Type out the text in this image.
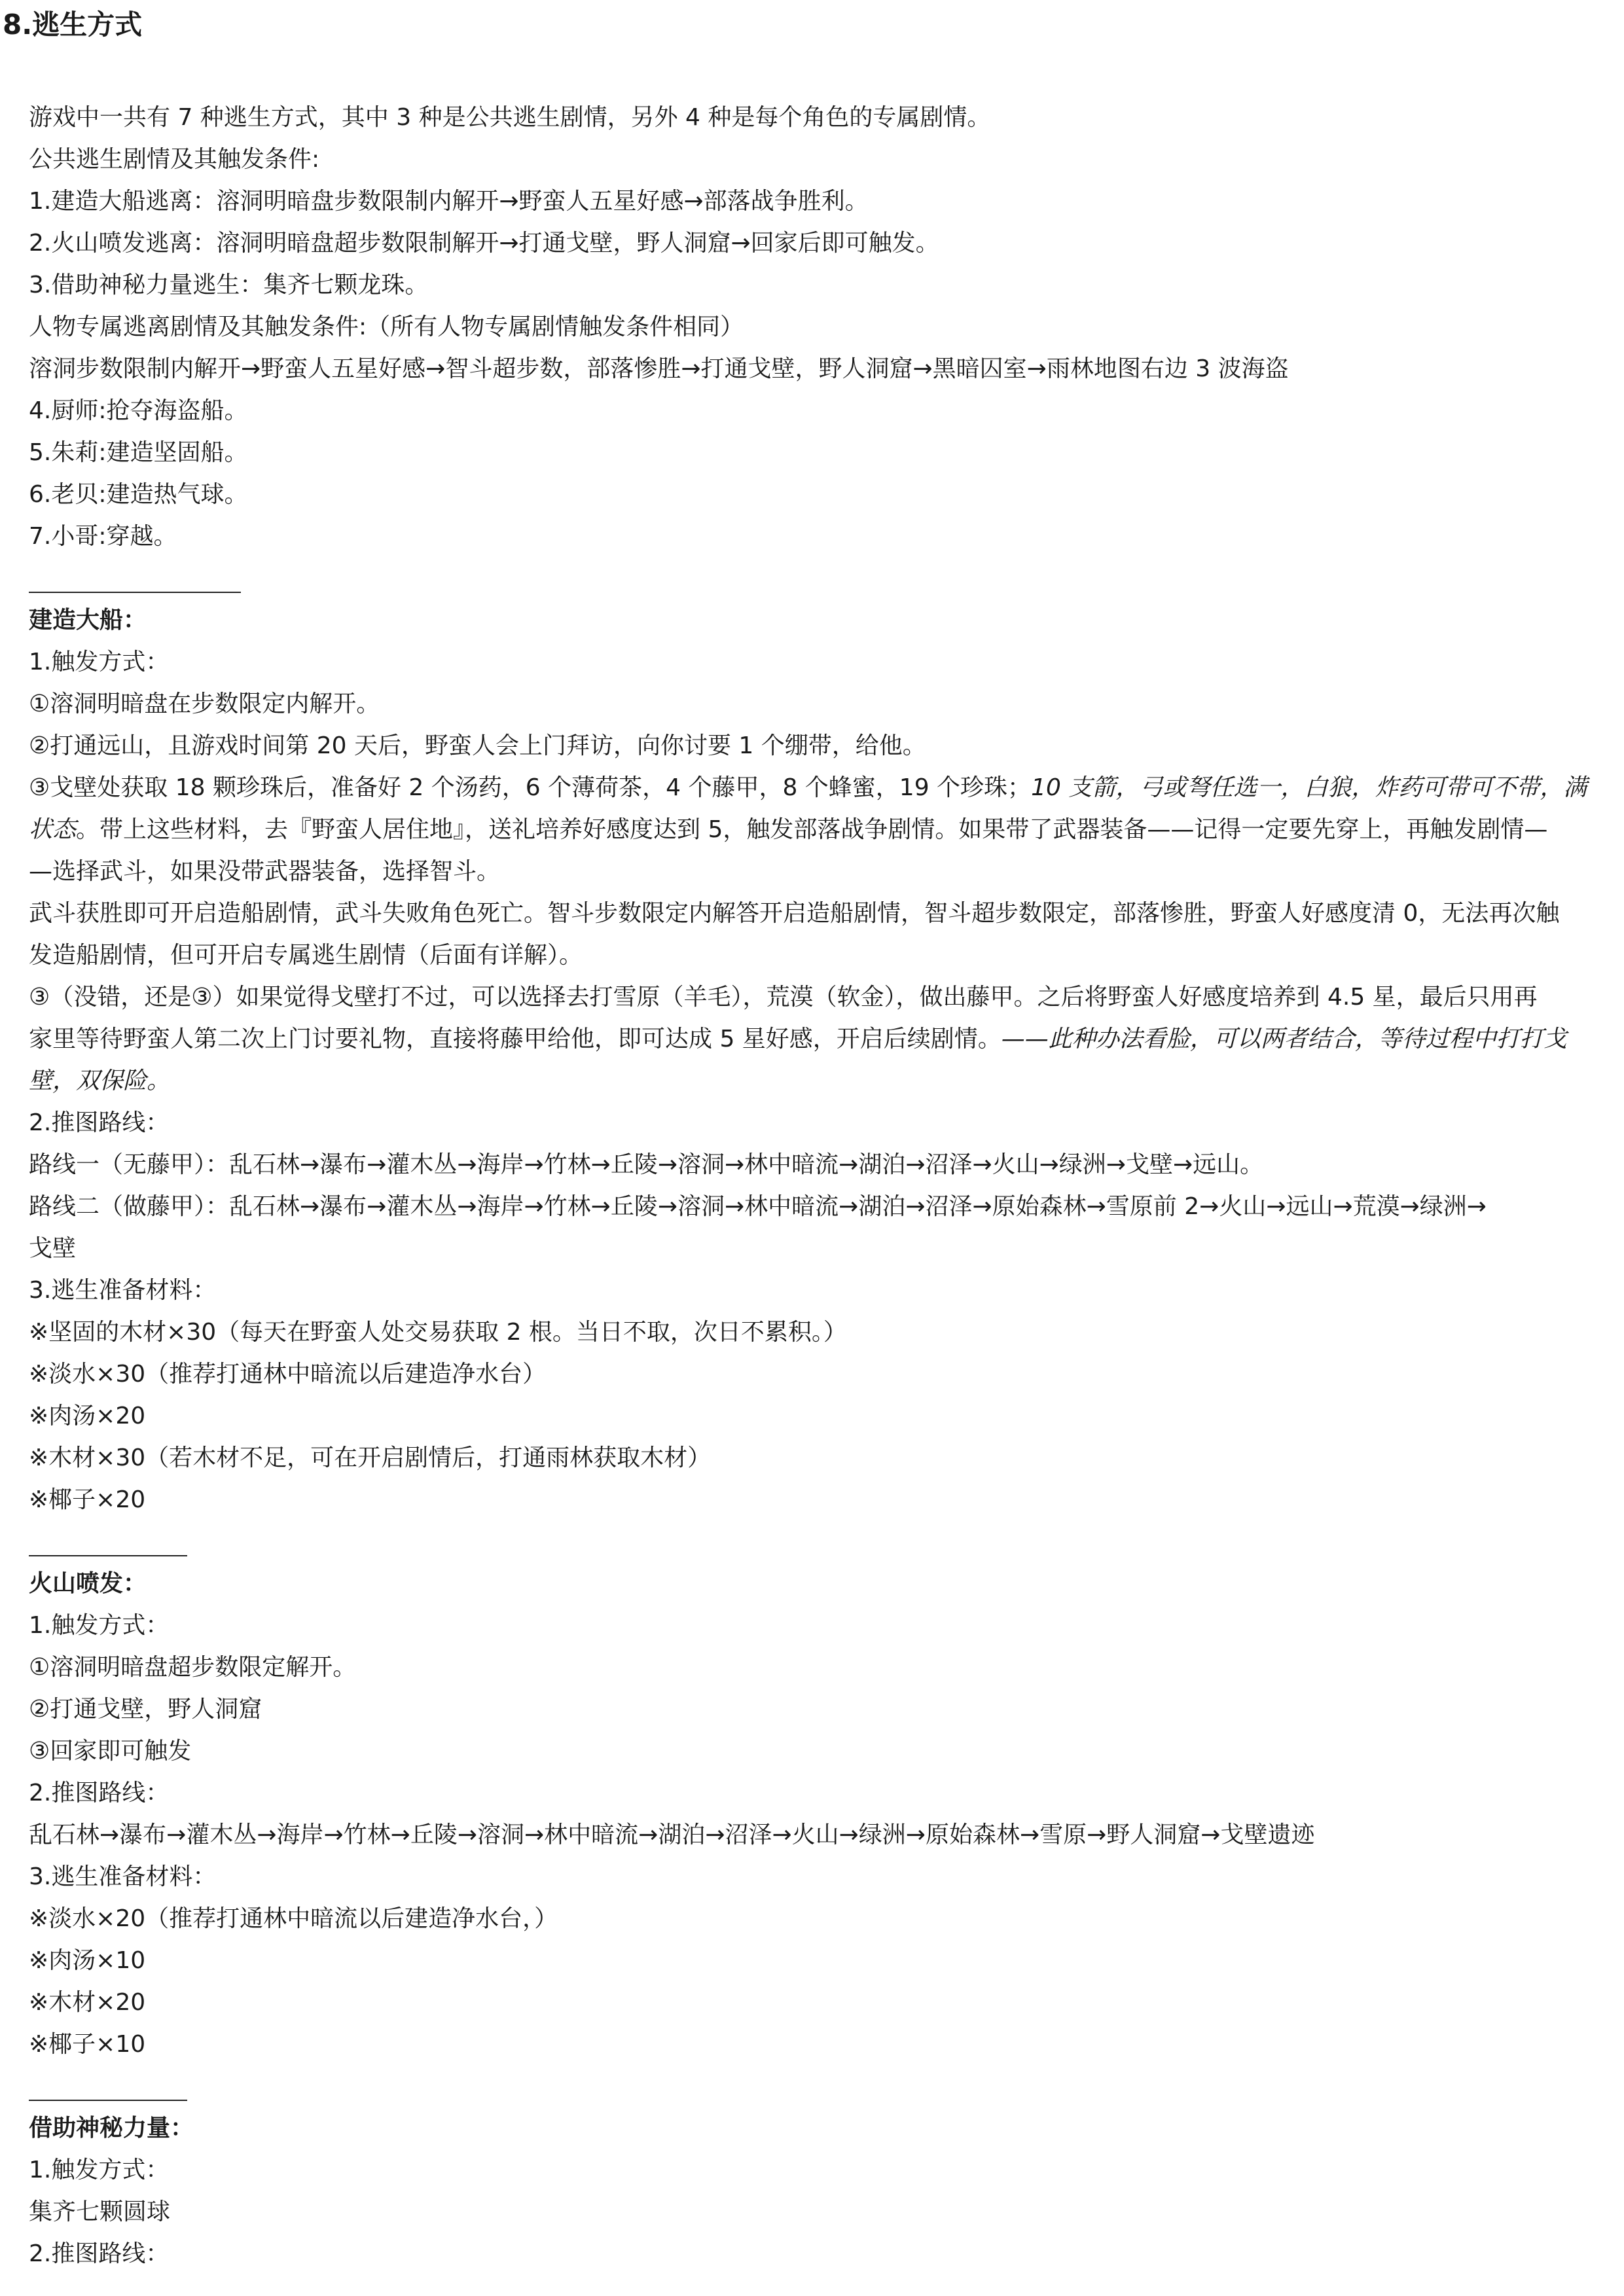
8.逃生方式
游戏中一共有 7 种逃生方式，其中 3 种是公共逃生剧情，另外 4 种是每个角色的专属剧情。
公共逃生剧情及其触发条件:
1.建造大船逃离：溶洞明暗盘步数限制内解开→野蛮人五星好感→部落战争胜利。
2.火山喷发逃离：溶洞明暗盘超步数限制解开→打通戈壁，野人洞窟→回家后即可触发。
3.借助神秘力量逃生：集齐七颗龙珠。
人物专属逃离剧情及其触发条件:（所有人物专属剧情触发条件相同）
溶洞步数限制内解开→野蛮人五星好感→智斗超步数，部落惨胜→打通戈壁，野人洞窟→黑暗囚室→雨林地图右边 3 波海盗
4.厨师:抢夺海盗船。
5.朱莉:建造坚固船。
6.老贝:建造热气球。
7.小哥:穿越。
建造大船：
1.触发方式：
①溶洞明暗盘在步数限定内解开。
②打通远山，且游戏时间第 20 天后，野蛮人会上门拜访，向你讨要 1 个绷带，给他。
③戈壁处获取 18 颗珍珠后，准备好 2 个汤药，6 个薄荷茶，4 个藤甲，8 个蜂蜜，19 个珍珠；10 支箭，弓或弩任选一，白狼，炸药可带可不带，满
状态。带上这些材料，去『野蛮人居住地』，送礼培养好感度达到 5，触发部落战争剧情。如果带了武器装备——记得一定要先穿上，再触发剧情—
—选择武斗，如果没带武器装备，选择智斗。
武斗获胜即可开启造船剧情，武斗失败角色死亡。智斗步数限定内解答开启造船剧情，智斗超步数限定，部落惨胜，野蛮人好感度清 0，无法再次触
发造船剧情，但可开启专属逃生剧情（后面有详解）。
③（没错，还是③）如果觉得戈壁打不过，可以选择去打雪原（羊毛），荒漠（软金），做出藤甲。之后将野蛮人好感度培养到 4.5 星，最后只用再
家里等待野蛮人第二次上门讨要礼物，直接将藤甲给他，即可达成 5 星好感，开启后续剧情。——此种办法看脸，可以两者结合，等待过程中打打戈
壁，双保险。
2.推图路线：
路线一（无藤甲）：乱石林→瀑布→灌木丛→海岸→竹林→丘陵→溶洞→林中暗流→湖泊→沼泽→火山→绿洲→戈壁→远山。
路线二（做藤甲）：乱石林→瀑布→灌木丛→海岸→竹林→丘陵→溶洞→林中暗流→湖泊→沼泽→原始森林→雪原前 2→火山→远山→荒漠→绿洲→
戈壁
3.逃生准备材料：
※坚固的木材×30（每天在野蛮人处交易获取 2 根。当日不取，次日不累积。）
※淡水×30（推荐打通林中暗流以后建造净水台）
※肉汤×20
※木材×30（若木材不足，可在开启剧情后，打通雨林获取木材）
※椰子×20
火山喷发：
1.触发方式：
①溶洞明暗盘超步数限定解开。
②打通戈壁，野人洞窟
③回家即可触发
2.推图路线：
乱石林→瀑布→灌木丛→海岸→竹林→丘陵→溶洞→林中暗流→湖泊→沼泽→火山→绿洲→原始森林→雪原→野人洞窟→戈壁遗迹
3.逃生准备材料：
※淡水×20（推荐打通林中暗流以后建造净水台，）
※肉汤×10
※木材×20
※椰子×10
借助神秘力量：
1.触发方式：
集齐七颗圆球
2.推图路线：
